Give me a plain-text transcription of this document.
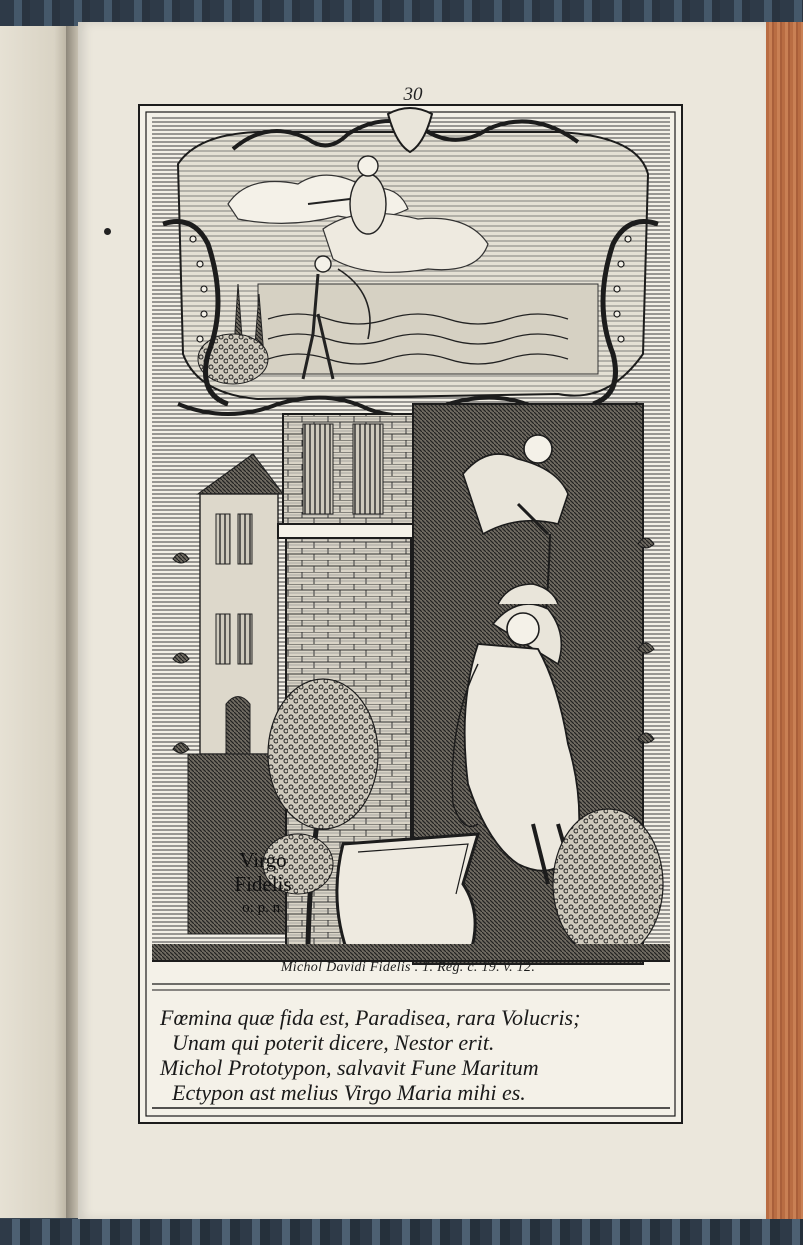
30

Virgo
Fidelis
o: p. n.
Michol Davidi Fidelis . 1. Reg. c. 19. v. 12.

Fœmina quæ fida est, Paradisea, rara Volucris;

Unam qui poterit dicere, Nestor erit.

Michol Prototypon, salvavit Fune Maritum

Ectypon ast melius Virgo Maria mihi es.
